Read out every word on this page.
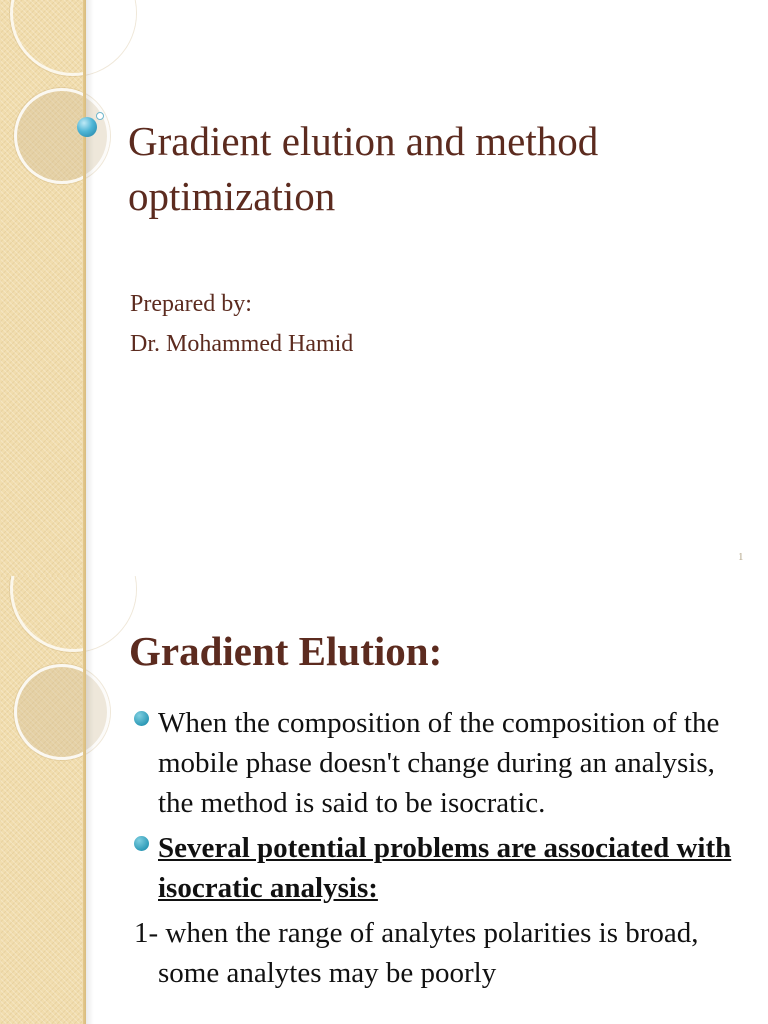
Gradient elution and method optimization
Prepared by:
Dr. Mohammed Hamid
1
Gradient Elution:
When the composition of the composition of the mobile phase doesn't change during an analysis, the method is said to be isocratic.
Several potential problems are associated with isocratic analysis:
1- when the range of analytes polarities is broad, some analytes may be poorly
